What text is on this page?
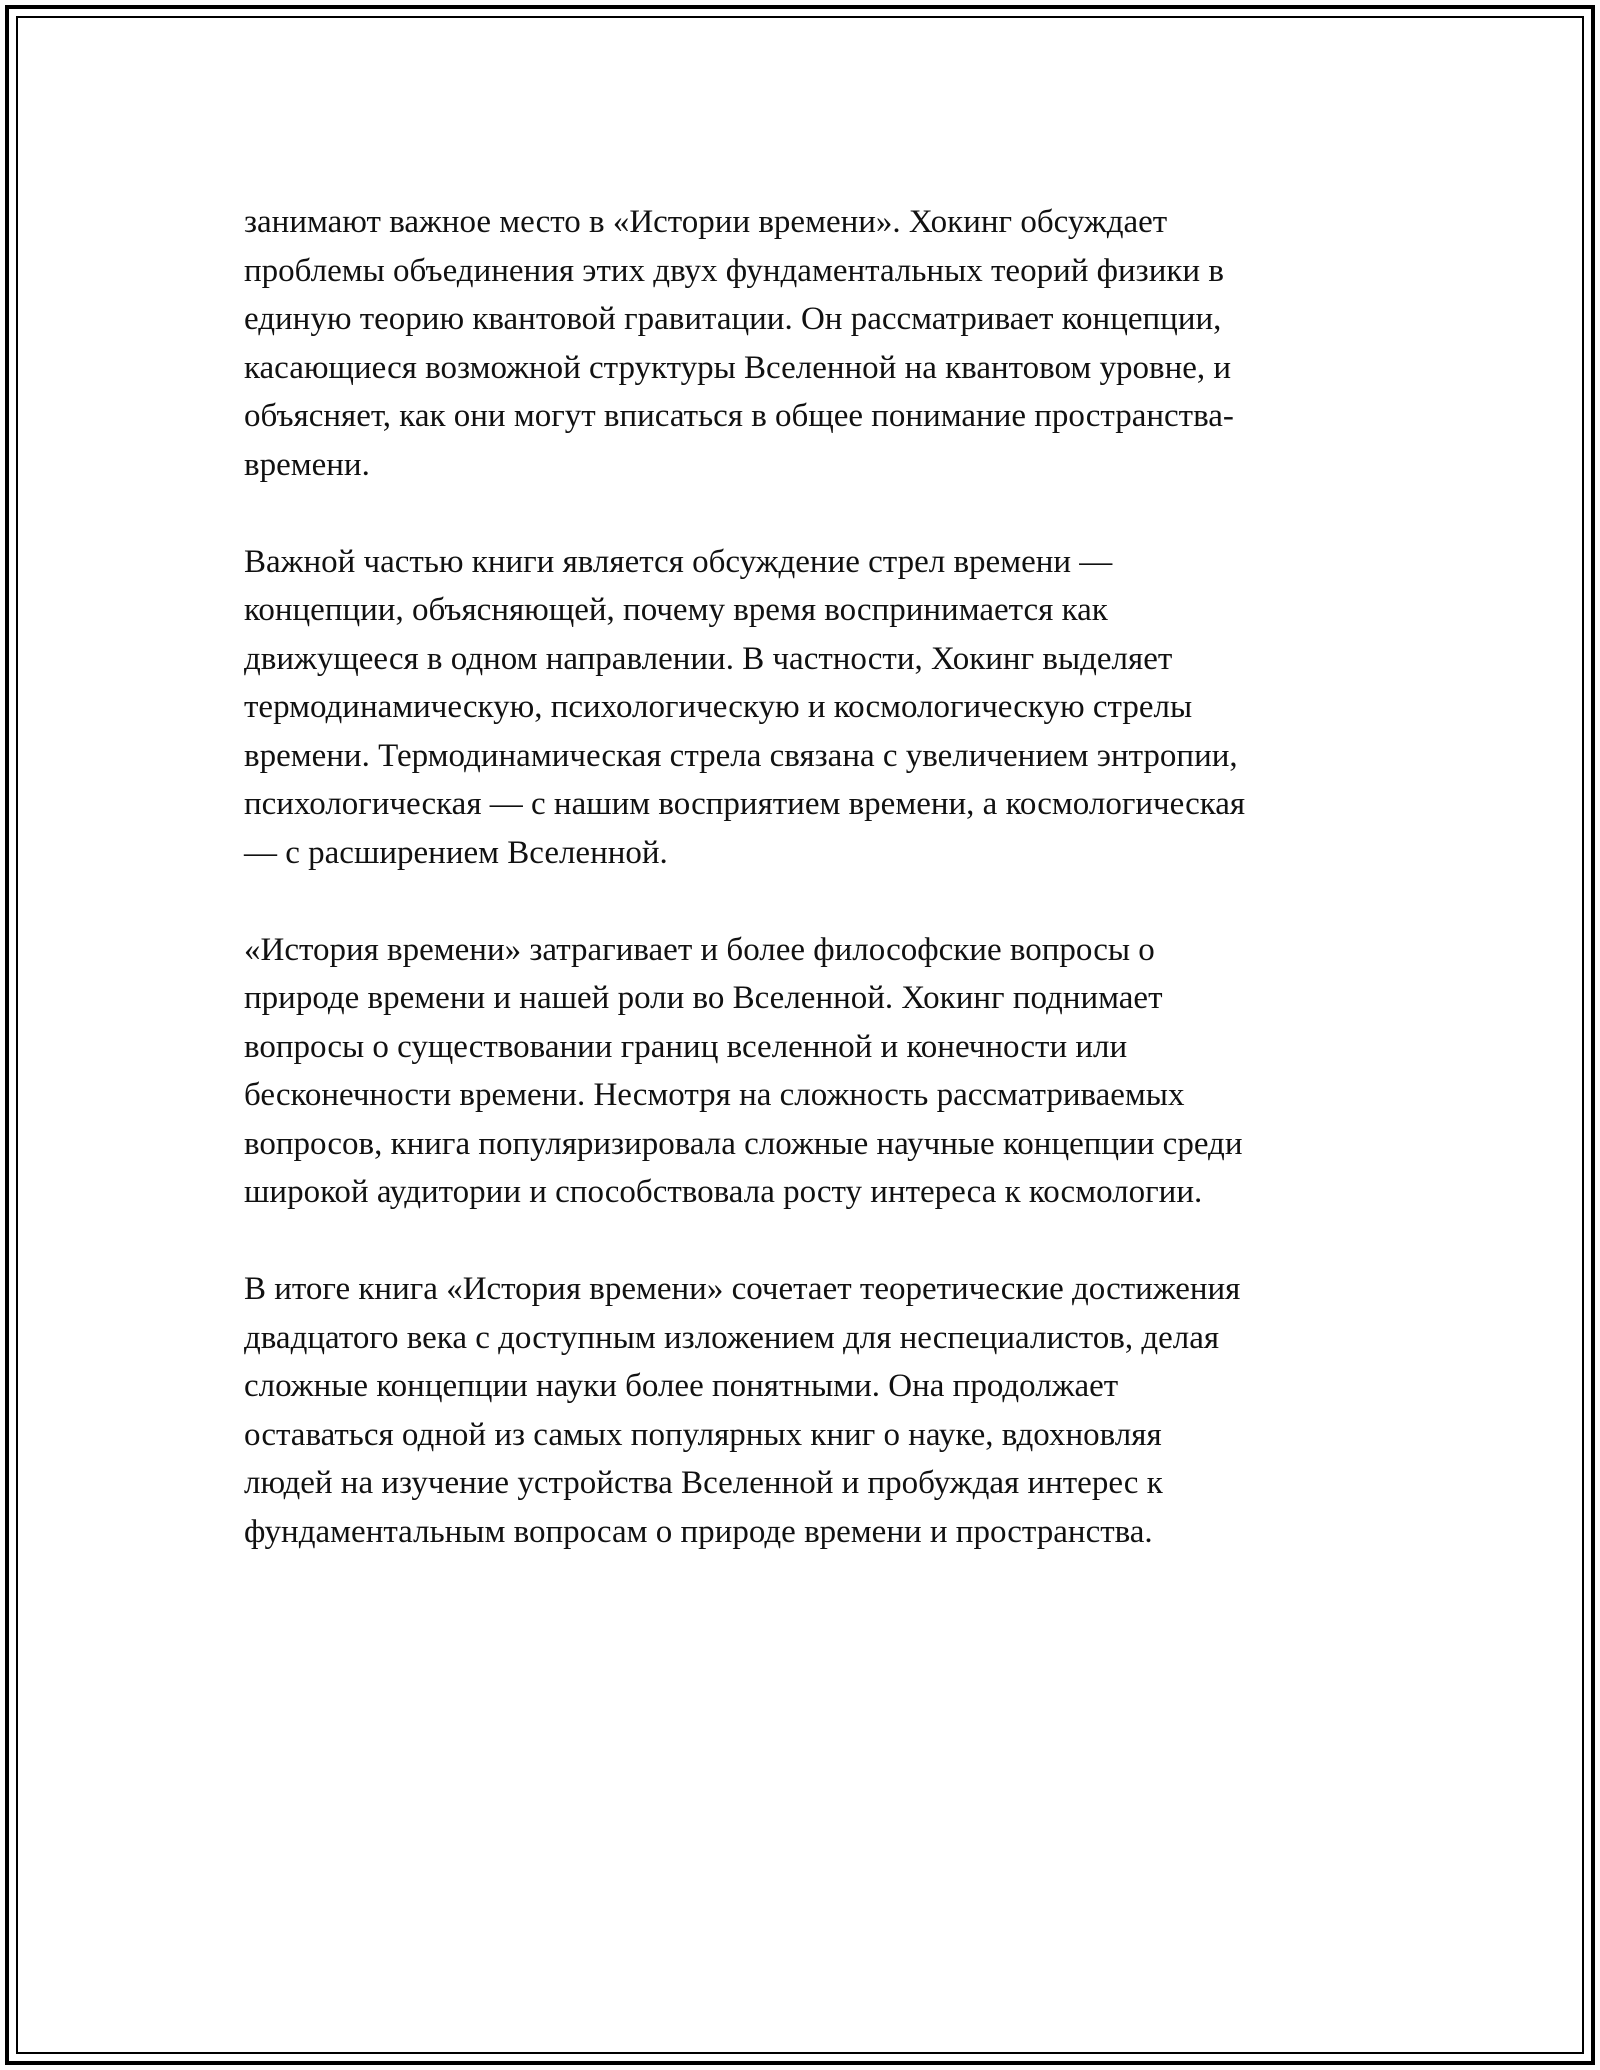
занимают важное место в «Истории времени». Хокинг обсуждает
проблемы объединения этих двух фундаментальных теорий физики в
единую теорию квантовой гравитации. Он рассматривает концепции,
касающиеся возможной структуры Вселенной на квантовом уровне, и
объясняет, как они могут вписаться в общее понимание пространства-
времени.

Важной частью книги является обсуждение стрел времени —
концепции, объясняющей, почему время воспринимается как
движущееся в одном направлении. В частности, Хокинг выделяет
термодинамическую, психологическую и космологическую стрелы
времени. Термодинамическая стрела связана с увеличением энтропии,
психологическая — с нашим восприятием времени, а космологическая
— с расширением Вселенной.

«История времени» затрагивает и более философские вопросы о
природе времени и нашей роли во Вселенной. Хокинг поднимает
вопросы о существовании границ вселенной и конечности или
бесконечности времени. Несмотря на сложность рассматриваемых
вопросов, книга популяризировала сложные научные концепции среди
широкой аудитории и способствовала росту интереса к космологии.

В итоге книга «История времени» сочетает теоретические достижения
двадцатого века с доступным изложением для неспециалистов, делая
сложные концепции науки более понятными. Она продолжает
оставаться одной из самых популярных книг о науке, вдохновляя
людей на изучение устройства Вселенной и пробуждая интерес к
фундаментальным вопросам о природе времени и пространства.
